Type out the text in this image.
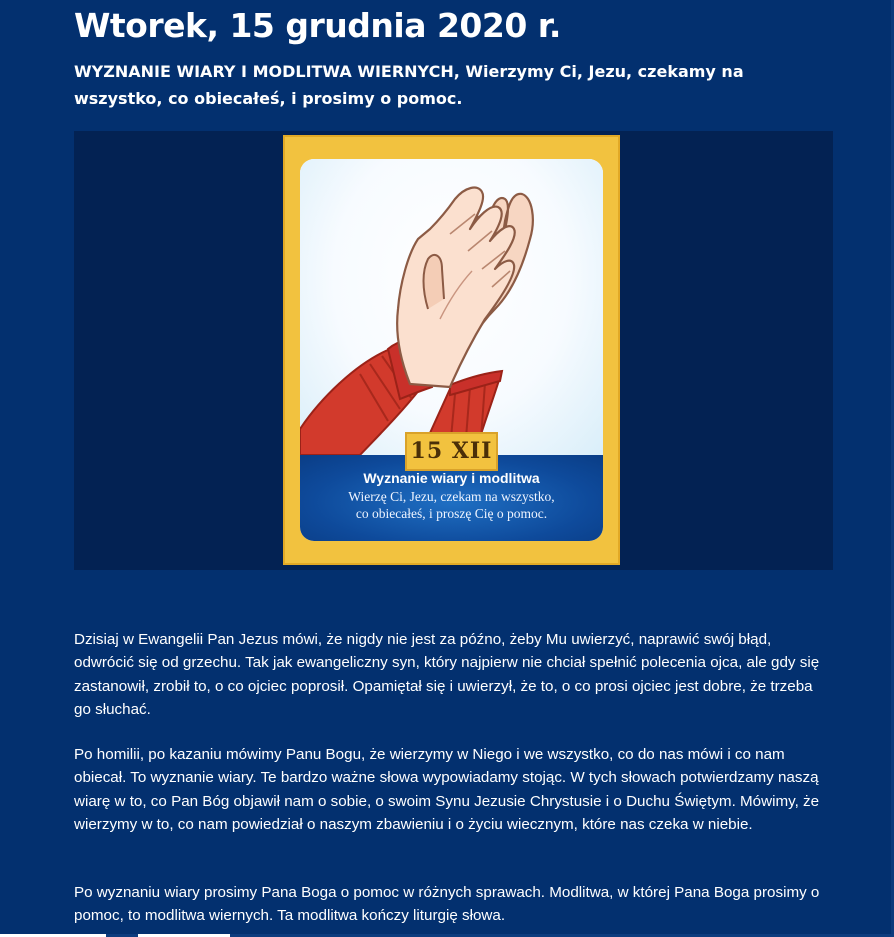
Wtorek, 15 grudnia 2020 r.

WYZNANIE WIARY I MODLITWA WIERNYCH, Wierzymy Ci, Jezu, czekamy na wszystko, co obiecałeś, i prosimy o pomoc.

15 XII
Wyznanie wiary i modlitwa
Wierzę Ci, Jezu, czekam na wszystko,
co obiecałeś, i proszę Cię o pomoc.

Dzisiaj w Ewangelii Pan Jezus mówi, że nigdy nie jest za późno, żeby Mu uwierzyć, naprawić swój błąd, odwrócić się od grzechu. Tak jak ewangeliczny syn, który najpierw nie chciał spełnić polecenia ojca, ale gdy się zastanowił, zrobił to, o co ojciec poprosił. Opamiętał się i uwierzył, że to, o co prosi ojciec jest dobre, że trzeba go słuchać.

Po homilii, po kazaniu mówimy Panu Bogu, że wierzymy w Niego i we wszystko, co do nas mówi i co nam obiecał. To wyznanie wiary. Te bardzo ważne słowa wypowiadamy stojąc. W tych słowach potwierdzamy naszą wiarę w to, co Pan Bóg objawił nam o sobie, o swoim Synu Jezusie Chrystusie i o Duchu Świętym. Mówimy, że wierzymy w to, co nam powiedział o naszym zbawieniu i o życiu wiecznym, które nas czeka w niebie.

Po wyznaniu wiary prosimy Pana Boga o pomoc w różnych sprawach. Modlitwa, w której Pana Boga prosimy o pomoc, to modlitwa wiernych. Ta modlitwa kończy liturgię słowa.
